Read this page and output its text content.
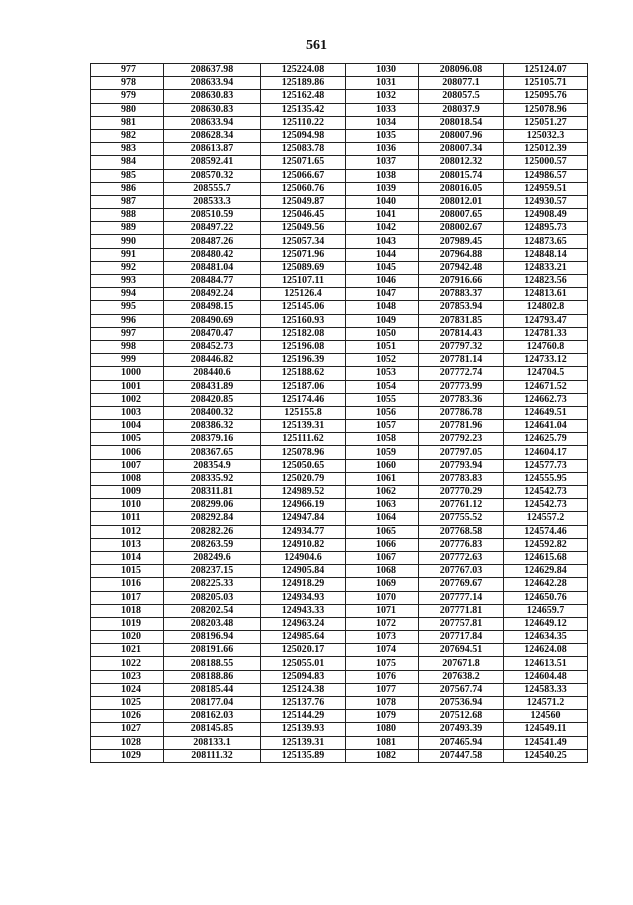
561
977	208637.98	125224.08	1030	208096.08	125124.07
978	208633.94	125189.86	1031	208077.1	125105.71
979	208630.83	125162.48	1032	208057.5	125095.76
980	208630.83	125135.42	1033	208037.9	125078.96
981	208633.94	125110.22	1034	208018.54	125051.27
982	208628.34	125094.98	1035	208007.96	125032.3
983	208613.87	125083.78	1036	208007.34	125012.39
984	208592.41	125071.65	1037	208012.32	125000.57
985	208570.32	125066.67	1038	208015.74	124986.57
986	208555.7	125060.76	1039	208016.05	124959.51
987	208533.3	125049.87	1040	208012.01	124930.57
988	208510.59	125046.45	1041	208007.65	124908.49
989	208497.22	125049.56	1042	208002.67	124895.73
990	208487.26	125057.34	1043	207989.45	124873.65
991	208480.42	125071.96	1044	207964.88	124848.14
992	208481.04	125089.69	1045	207942.48	124833.21
993	208484.77	125107.11	1046	207916.66	124823.56
994	208492.24	125126.4	1047	207883.37	124813.61
995	208498.15	125145.06	1048	207853.94	124802.8
996	208490.69	125160.93	1049	207831.85	124793.47
997	208470.47	125182.08	1050	207814.43	124781.33
998	208452.73	125196.08	1051	207797.32	124760.8
999	208446.82	125196.39	1052	207781.14	124733.12
1000	208440.6	125188.62	1053	207772.74	124704.5
1001	208431.89	125187.06	1054	207773.99	124671.52
1002	208420.85	125174.46	1055	207783.36	124662.73
1003	208400.32	125155.8	1056	207786.78	124649.51
1004	208386.32	125139.31	1057	207781.96	124641.04
1005	208379.16	125111.62	1058	207792.23	124625.79
1006	208367.65	125078.96	1059	207797.05	124604.17
1007	208354.9	125050.65	1060	207793.94	124577.73
1008	208335.92	125020.79	1061	207783.83	124555.95
1009	208311.81	124989.52	1062	207770.29	124542.73
1010	208299.06	124966.19	1063	207761.12	124542.73
1011	208292.84	124947.84	1064	207755.52	124557.2
1012	208282.26	124934.77	1065	207768.58	124574.46
1013	208263.59	124910.82	1066	207776.83	124592.82
1014	208249.6	124904.6	1067	207772.63	124615.68
1015	208237.15	124905.84	1068	207767.03	124629.84
1016	208225.33	124918.29	1069	207769.67	124642.28
1017	208205.03	124934.93	1070	207777.14	124650.76
1018	208202.54	124943.33	1071	207771.81	124659.7
1019	208203.48	124963.24	1072	207757.81	124649.12
1020	208196.94	124985.64	1073	207717.84	124634.35
1021	208191.66	125020.17	1074	207694.51	124624.08
1022	208188.55	125055.01	1075	207671.8	124613.51
1023	208188.86	125094.83	1076	207638.2	124604.48
1024	208185.44	125124.38	1077	207567.74	124583.33
1025	208177.04	125137.76	1078	207536.94	124571.2
1026	208162.03	125144.29	1079	207512.68	124560
1027	208145.85	125139.93	1080	207493.39	124549.11
1028	208133.1	125139.31	1081	207465.94	124541.49
1029	208111.32	125135.89	1082	207447.58	124540.25
